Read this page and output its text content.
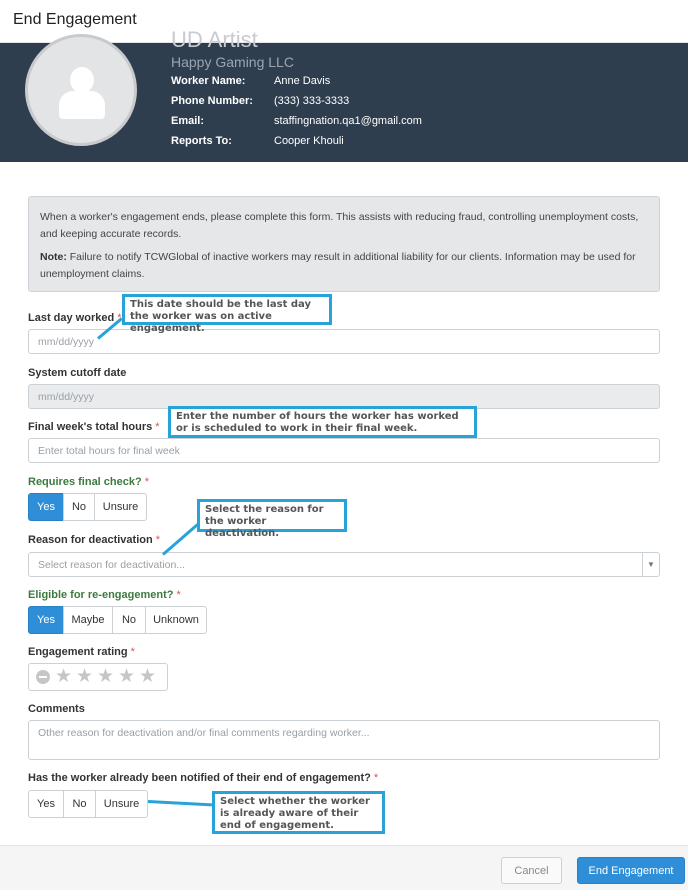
End Engagement
UD Artist
Happy Gaming LLC
Worker Name:	Anne Davis
Phone Number: (333) 333-3333
Email:	staffingnation.qa1@gmail.com
Reports To:	Cooper Khouli

When a worker's engagement ends, please complete this form. This assists with reducing fraud, controlling unemployment costs, and keeping accurate records.

Note: Failure to notify TCWGlobal of inactive workers may result in additional liability for our clients. Information may be used for unemployment claims.

Last day worked
mm/dd/yyyy
System cutoff date
mm/dd/yyyy
Final week's total hours *
Enter total hours for final week
Requires final check? *
Yes	No	Unsure
Reason for deactivation *
Select reason for deactivation...	▼
Eligible for re-engagement? *
Yes	Maybe	No	Unknown
Engagement rating *
★ ★ ★ ★ ★
Comments
Other reason for deactivation and/or final comments regarding worker...
Has the worker already been notified of their end of engagement? *
Yes	No	Unsure
This date should be the last day the worker was on active engagement.
Enter the number of hours the worker has worked or is scheduled to work in their final week.
Select the reason for the worker deactivation.
Select whether the worker is already aware of their end of engagement.
Cancel	End Engagement
